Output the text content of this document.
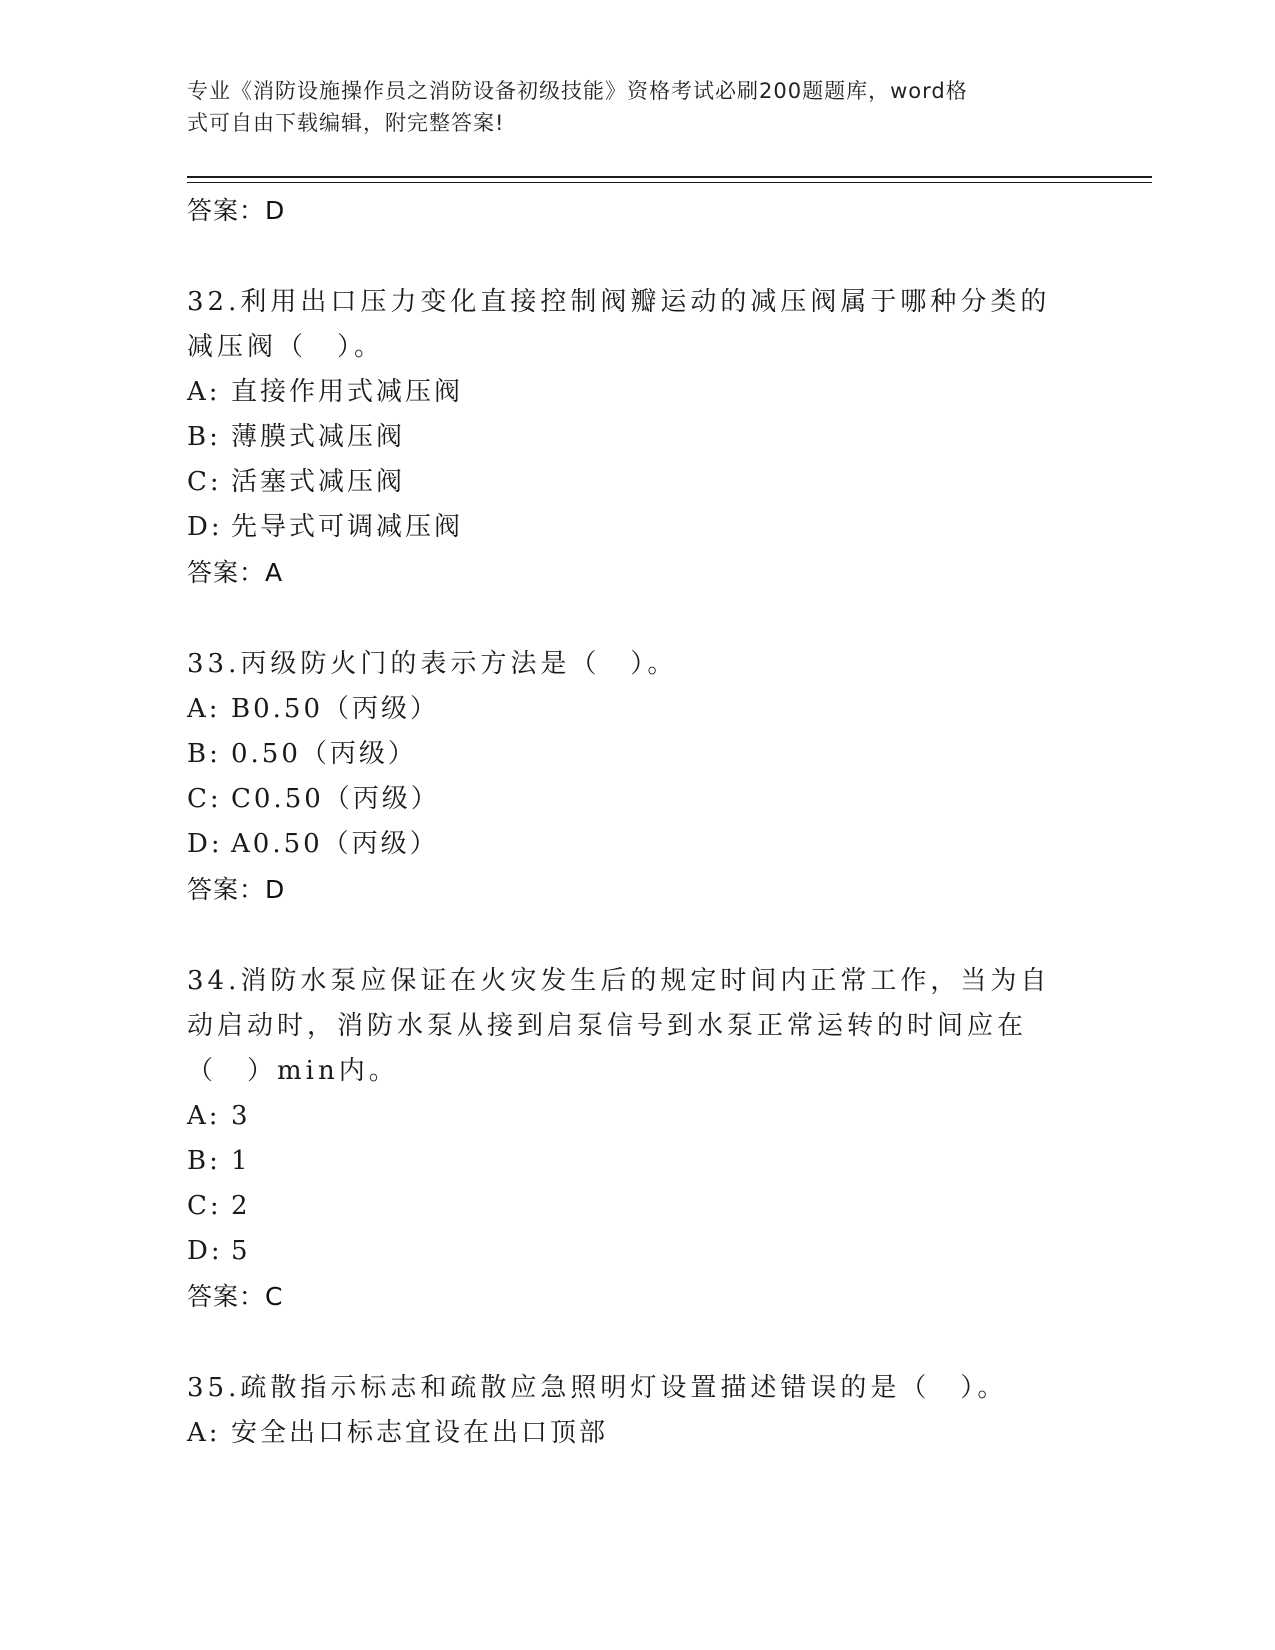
专业《消防设施操作员之消防设备初级技能》资格考试必刷200题题库，word格
式可自由下载编辑，附完整答案!
答案：D
32.利用出口压力变化直接控制阀瓣运动的减压阀属于哪种分类的减压阀（　）。
A: 直接作用式减压阀
B: 薄膜式减压阀
C: 活塞式减压阀
D: 先导式可调减压阀
答案：A
33.丙级防火门的表示方法是（　）。
A: B0.50（丙级）
B: 0.50（丙级）
C: C0.50（丙级）
D: A0.50（丙级）
答案：D
34.消防水泵应保证在火灾发生后的规定时间内正常工作，当为自动启动时，消防水泵从接到启泵信号到水泵正常运转的时间应在（　）min内。
A: 3
B: 1
C: 2
D: 5
答案：C
35.疏散指示标志和疏散应急照明灯设置描述错误的是（　）。
A: 安全出口标志宜设在出口顶部
